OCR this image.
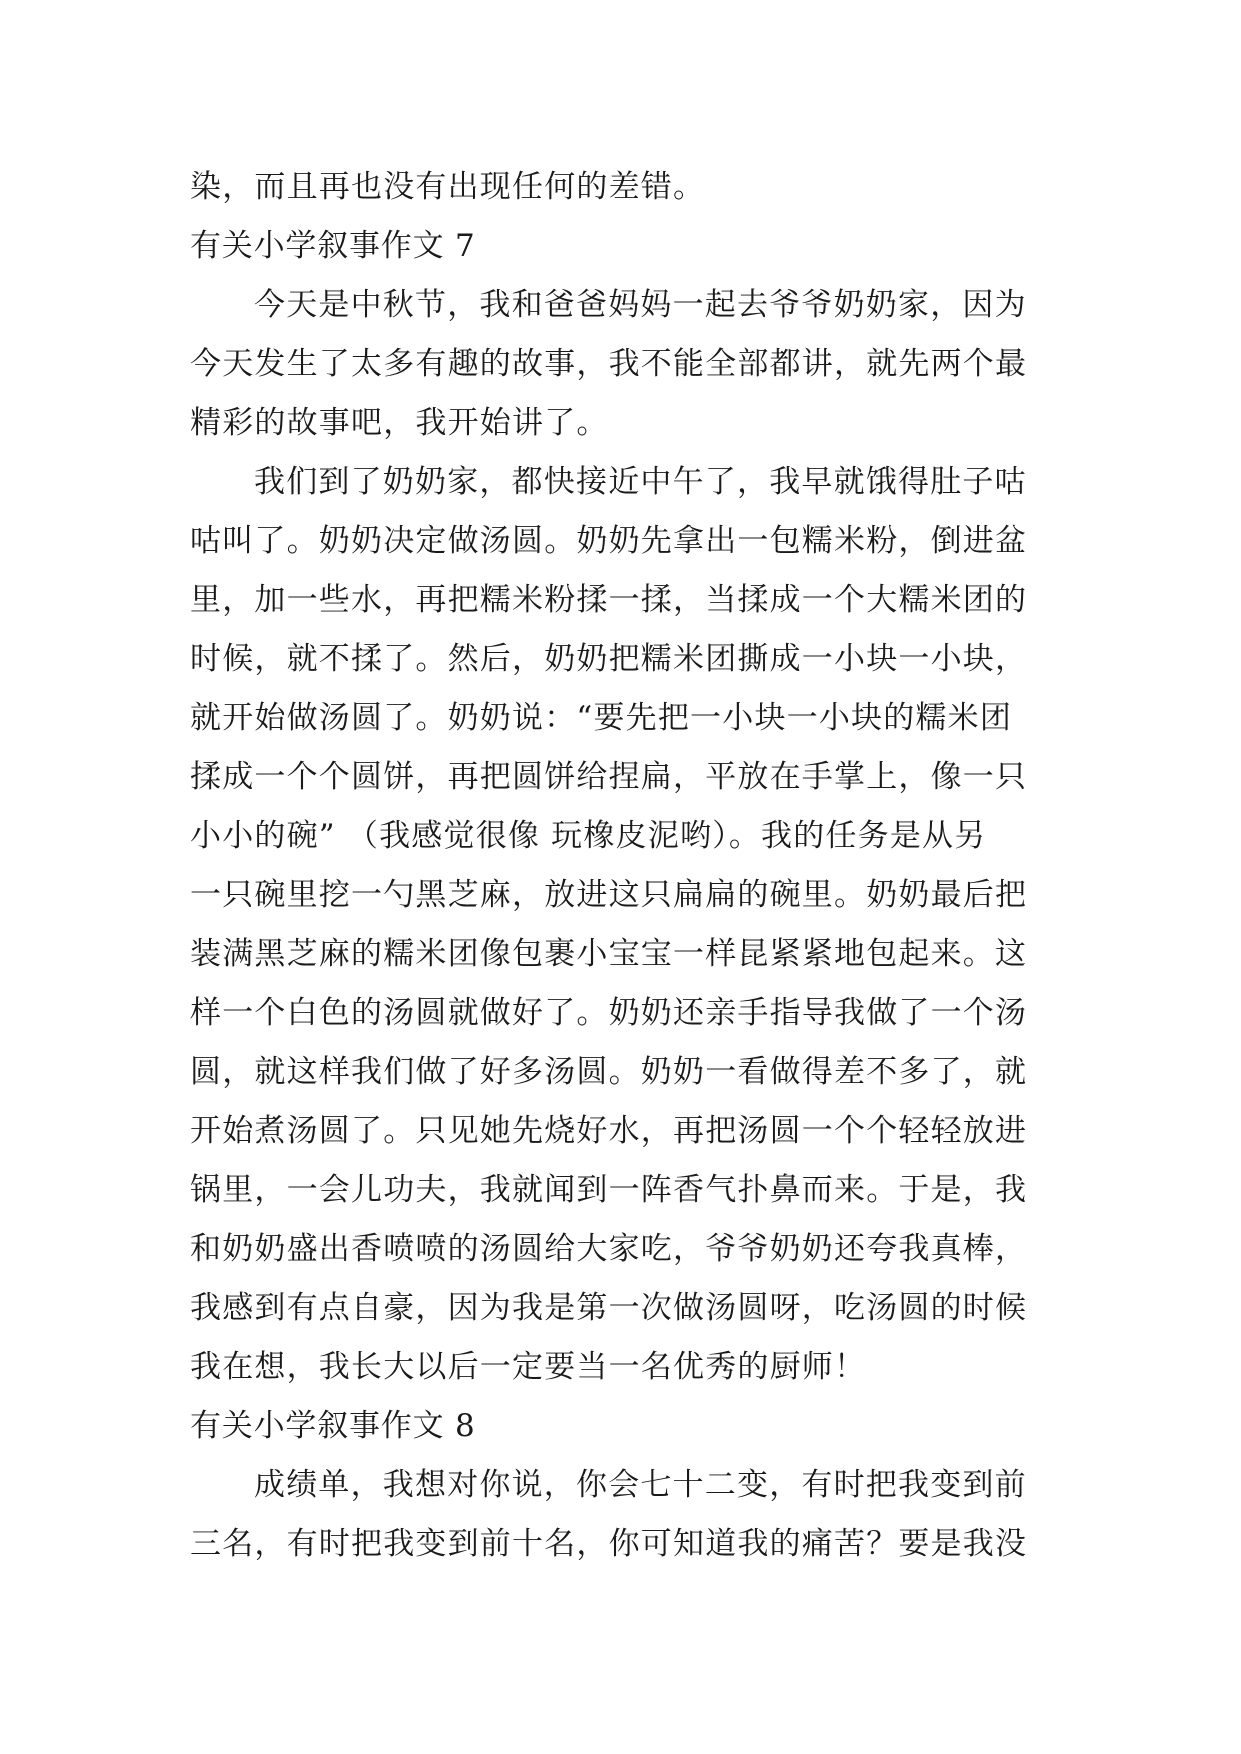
染，而且再也没有出现任何的差错。
有关小学叙事作文 7
今天是中秋节，我和爸爸妈妈一起去爷爷奶奶家，因为
今天发生了太多有趣的故事，我不能全部都讲，就先两个最
精彩的故事吧，我开始讲了。
我们到了奶奶家，都快接近中午了，我早就饿得肚子咕
咕叫了。奶奶决定做汤圆。奶奶先拿出一包糯米粉，倒进盆
里，加一些水，再把糯米粉揉一揉，当揉成一个大糯米团的
时候，就不揉了。然后，奶奶把糯米团撕成一小块一小块，
就开始做汤圆了。奶奶说：“要先把一小块一小块的糯米团
揉成一个个圆饼，再把圆饼给捏扁，平放在手掌上，像一只
小小的碗” （我感觉很像 玩橡皮泥哟）。我的任务是从另
一只碗里挖一勺黑芝麻，放进这只扁扁的碗里。奶奶最后把
装满黑芝麻的糯米团像包裹小宝宝一样昆紧紧地包起来。这
样一个白色的汤圆就做好了。奶奶还亲手指导我做了一个汤
圆，就这样我们做了好多汤圆。奶奶一看做得差不多了，就
开始煮汤圆了。只见她先烧好水，再把汤圆一个个轻轻放进
锅里，一会儿功夫，我就闻到一阵香气扑鼻而来。于是，我
和奶奶盛出香喷喷的汤圆给大家吃，爷爷奶奶还夸我真棒，
我感到有点自豪，因为我是第一次做汤圆呀，吃汤圆的时候
我在想，我长大以后一定要当一名优秀的厨师！
有关小学叙事作文 8
成绩单，我想对你说，你会七十二变，有时把我变到前
三名，有时把我变到前十名，你可知道我的痛苦？要是我没
